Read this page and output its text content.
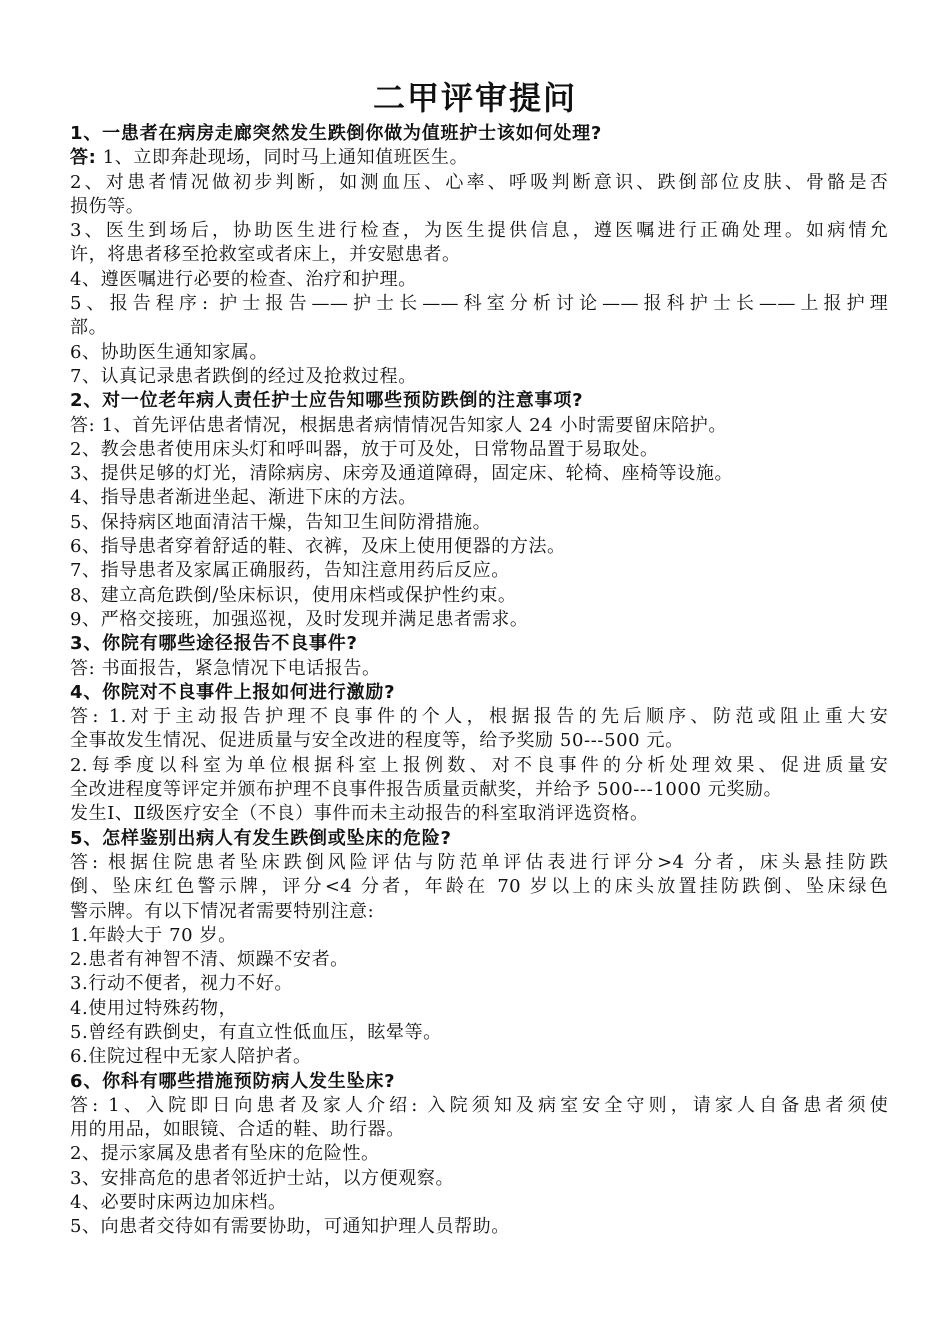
二甲评审提问
1、一患者在病房走廊突然发生跌倒你做为值班护士该如何处理?
答: 1、立即奔赴现场，同时马上通知值班医生。
2、对患者情况做初步判断，如测血压、心率、呼吸判断意识、跌倒部位皮肤、骨骼是否
损伤等。
3、医生到场后，协助医生进行检查，为医生提供信息，遵医嘱进行正确处理。如病情允
许，将患者移至抢救室或者床上，并安慰患者。
4、遵医嘱进行必要的检查、治疗和护理。
5、报告程序: 护士报告——护士长——科室分析讨论——报科护士长——上报护理
部。
6、协助医生通知家属。
7、认真记录患者跌倒的经过及抢救过程。
2、对一位老年病人责任护士应告知哪些预防跌倒的注意事项?
答: 1、首先评估患者情况，根据患者病情情况告知家人 24 小时需要留床陪护。
2、教会患者使用床头灯和呼叫器，放于可及处，日常物品置于易取处。
3、提供足够的灯光，清除病房、床旁及通道障碍，固定床、轮椅、座椅等设施。
4、指导患者渐进坐起、渐进下床的方法。
5、保持病区地面清洁干燥，告知卫生间防滑措施。
6、指导患者穿着舒适的鞋、衣裤，及床上使用便器的方法。
7、指导患者及家属正确服药，告知注意用药后反应。
8、建立高危跌倒/坠床标识，使用床档或保护性约束。
9、严格交接班，加强巡视，及时发现并满足患者需求。
3、你院有哪些途径报告不良事件?
答: 书面报告，紧急情况下电话报告。
4、你院对不良事件上报如何进行激励?
答: 1.对于主动报告护理不良事件的个人，根据报告的先后顺序、防范或阻止重大安
全事故发生情况、促进质量与安全改进的程度等，给予奖励 50---500 元。
2.每季度以科室为单位根据科室上报例数、对不良事件的分析处理效果、促进质量安
全改进程度等评定并颁布护理不良事件报告质量贡献奖，并给予 500---1000 元奖励。
发生Ⅰ、Ⅱ级医疗安全（不良）事件而未主动报告的科室取消评选资格。
5、怎样鉴别出病人有发生跌倒或坠床的危险?
答: 根据住院患者坠床跌倒风险评估与防范单评估表进行评分>4 分者，床头悬挂防跌
倒、坠床红色警示牌，评分<4 分者，年龄在 70 岁以上的床头放置挂防跌倒、坠床绿色
警示牌。有以下情况者需要特别注意:
1.年龄大于 70 岁。
2.患者有神智不清、烦躁不安者。
3.行动不便者，视力不好。
4.使用过特殊药物，
5.曾经有跌倒史，有直立性低血压，眩晕等。
6.住院过程中无家人陪护者。
6、你科有哪些措施预防病人发生坠床?
答: 1、入院即日向患者及家人介绍: 入院须知及病室安全守则，请家人自备患者须使
用的用品，如眼镜、合适的鞋、助行器。
2、提示家属及患者有坠床的危险性。
3、安排高危的患者邻近护士站，以方便观察。
4、必要时床两边加床档。
5、向患者交待如有需要协助，可通知护理人员帮助。
